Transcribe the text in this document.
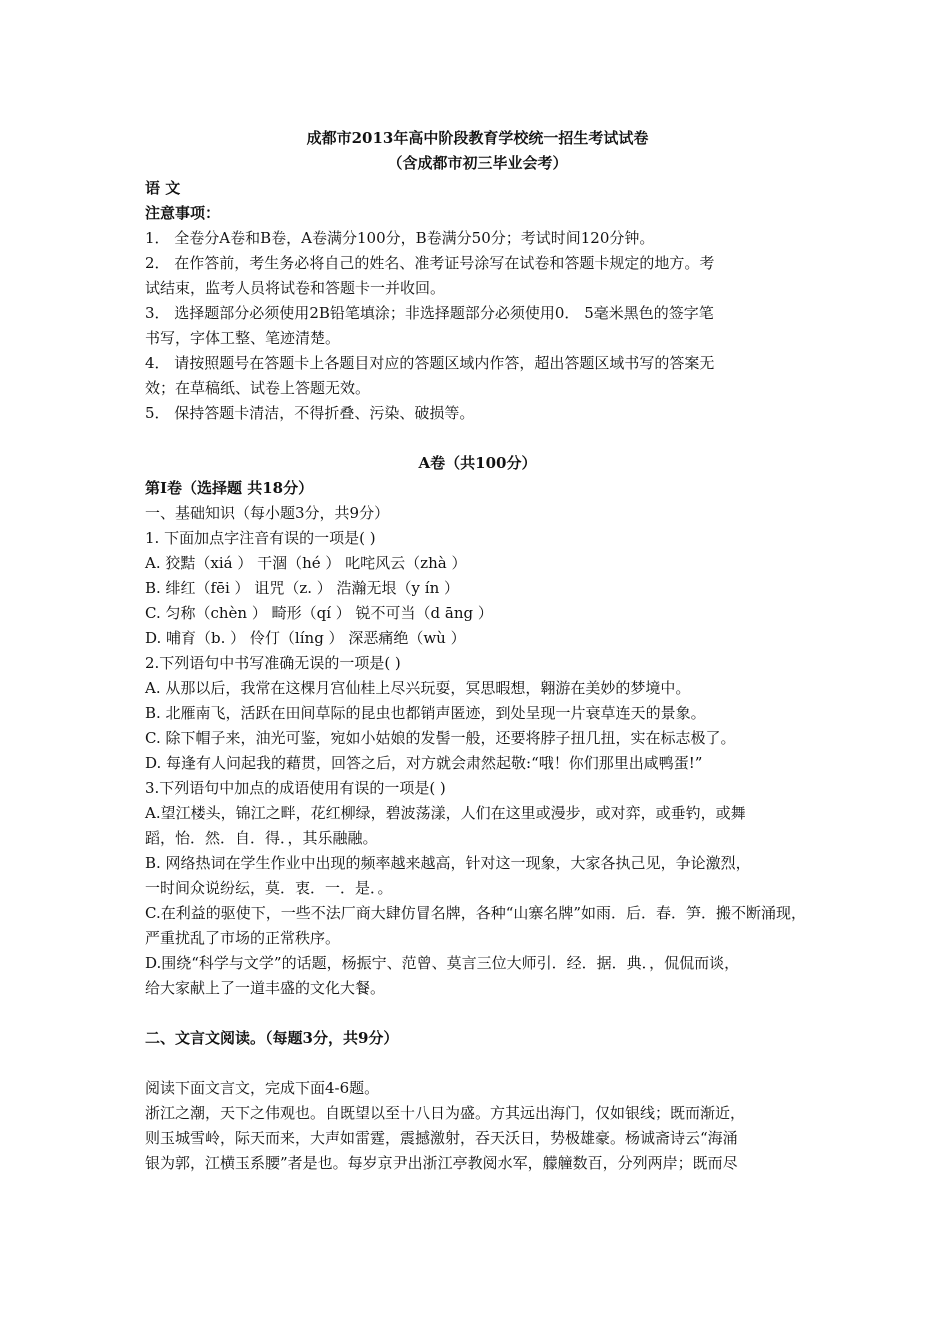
成都市2013年高中阶段教育学校统一招生考试试卷
（含成都市初三毕业会考）
语 文
注意事项：
1． 全卷分A卷和B卷，A卷满分100分，B卷满分50分；考试时间120分钟。
2． 在作答前，考生务必将自己的姓名、准考证号涂写在试卷和答题卡规定的地方。考
试结束，监考人员将试卷和答题卡一并收回。
3． 选择题部分必须使用2B铅笔填涂；非选择题部分必须使用0． 5毫米黑色的签字笔
书写，字体工整、笔迹清楚。
4． 请按照题号在答题卡上各题目对应的答题区域内作答，超出答题区域书写的答案无
效；在草稿纸、试卷上答题无效。
5． 保持答题卡清洁，不得折叠、污染、破损等。
A卷（共100分）
第Ⅰ卷（选择题 共18分）
一、基础知识（每小题3分，共9分）
1. 下面加点字注音有误的一项是( )
A. 狡黠（xiá ） 干涸（hé ） 叱咤风云（zhà ）
B. 绯红（fēi ） 诅咒（z. ） 浩瀚无垠（y ín ）
C. 匀称（chèn ） 畸形（qí ） 锐不可当（d āng ）
D. 哺育（b. ） 伶仃（líng ） 深恶痛绝（wù ）
2.下列语句中书写准确无误的一项是( )
A. 从那以后，我常在这棵月宫仙桂上尽兴玩耍，冥思暇想，翱游在美妙的梦境中。
B. 北雁南飞，活跃在田间草际的昆虫也都销声匿迹，到处呈现一片衰草连天的景象。
C. 除下帽子来，油光可鉴，宛如小姑娘的发髻一般，还要将脖子扭几扭，实在标志极了。
D. 每逢有人问起我的藉贯，回答之后，对方就会肃然起敬:“哦！你们那里出咸鸭蛋!”
3.下列语句中加点的成语使用有误的一项是( )
A.望江楼头，锦江之畔，花红柳绿，碧波荡漾，人们在这里或漫步，或对弈，或垂钓，或舞
蹈，怡．然．自．得．，其乐融融。
B. 网络热词在学生作业中出现的频率越来越高，针对这一现象，大家各执己见，争论激烈，
一时间众说纷纭，莫．衷．一．是．。
C.在利益的驱使下，一些不法厂商大肆仿冒名牌，各种“山寨名牌”如雨．后．春．笋．搬不断涌现，
严重扰乱了市场的正常秩序。
D.围绕“科学与文学”的话题，杨振宁、范曾、莫言三位大师引．经．据．典．，侃侃而谈，
给大家献上了一道丰盛的文化大餐。
二、文言文阅读。（每题3分，共9分）
阅读下面文言文，完成下面4-6题。
浙江之潮，天下之伟观也。自既望以至十八日为盛。方其远出海门，仅如银线；既而渐近，
则玉城雪岭，际天而来，大声如雷霆，震撼激射，吞天沃日，势极雄豪。杨诚斋诗云“海涌
银为郭，江横玉系腰”者是也。每岁京尹出浙江亭教阅水军，艨艟数百，分列两岸；既而尽
